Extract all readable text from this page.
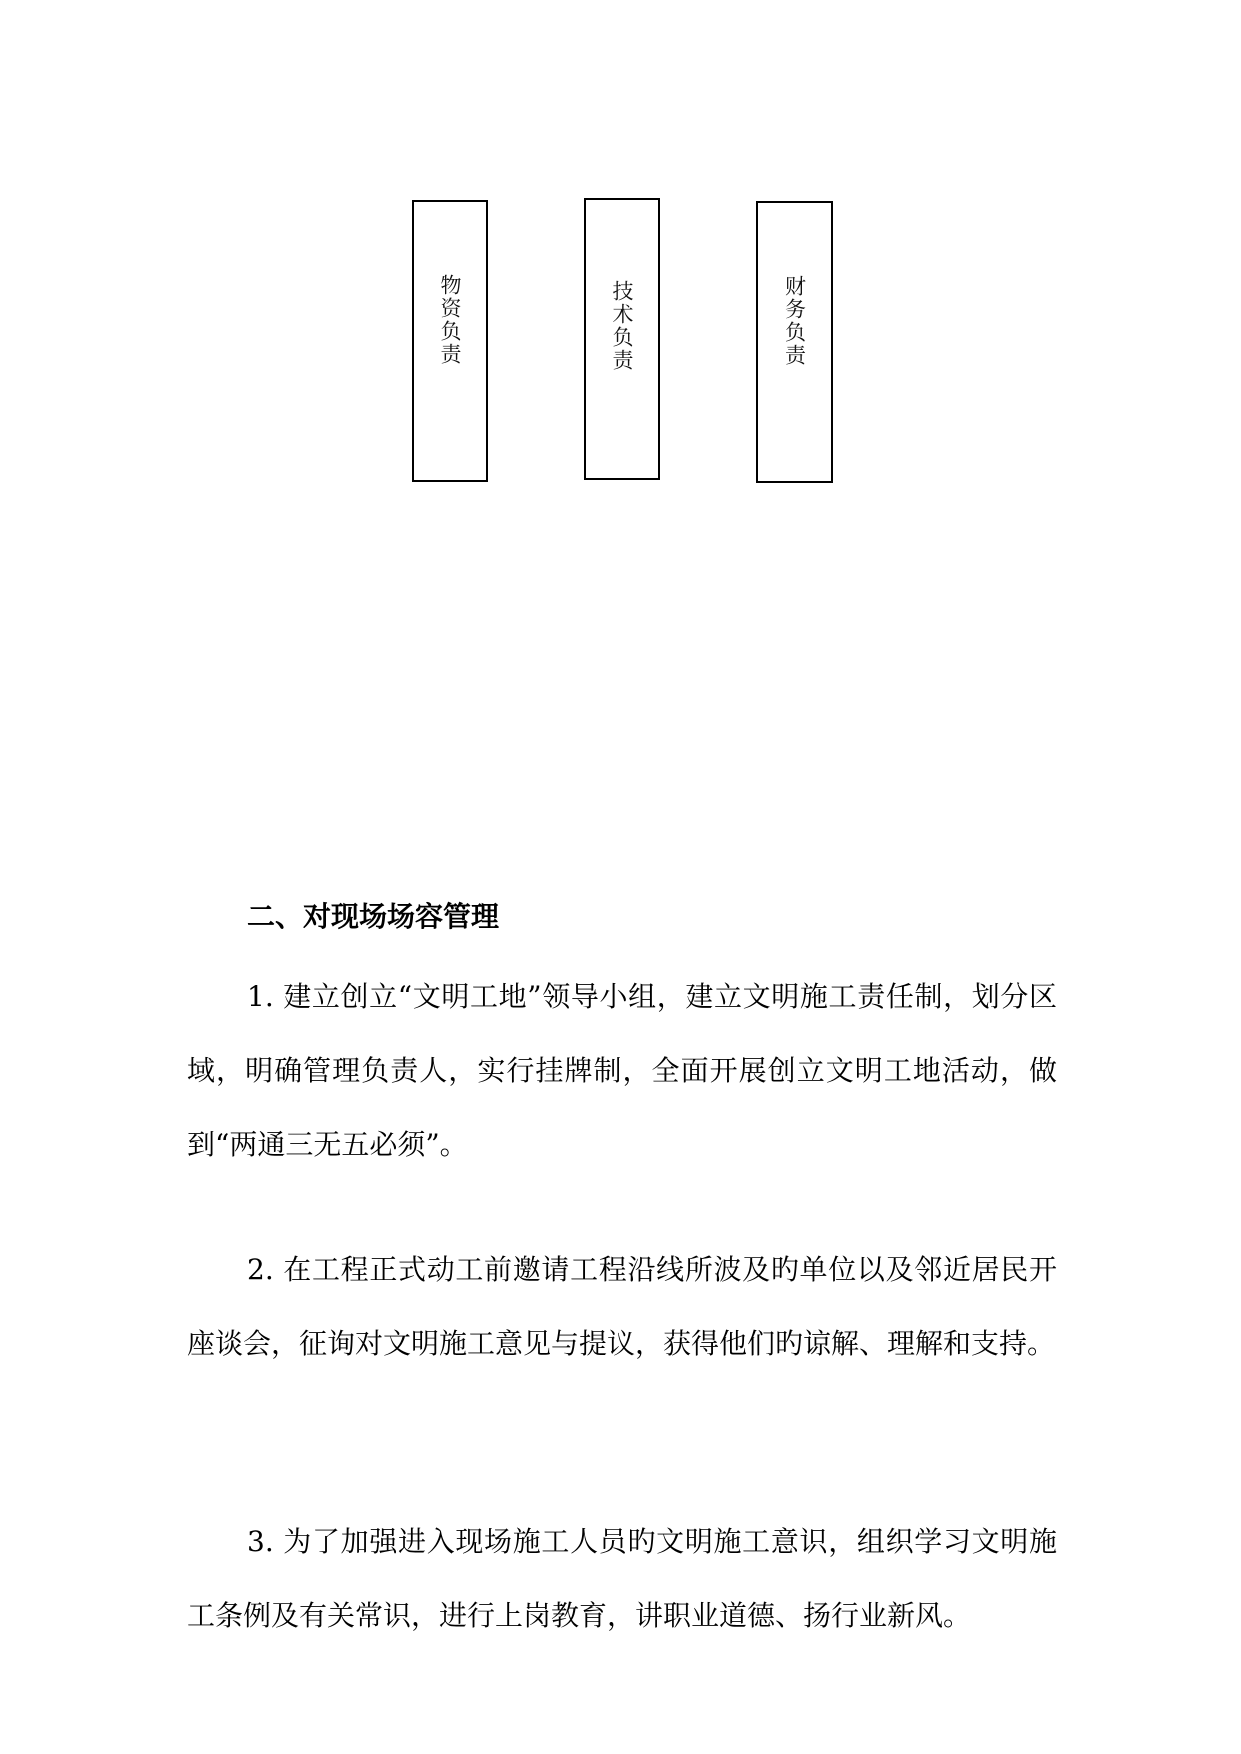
物资负责	技术负责	财务负责
二、对现场场容管理

1. 建立创立“文明工地”领导小组，建立文明施工责任制，划分区域，明确管理负责人，实行挂牌制，全面开展创立文明工地活动，做到“两通三无五必须”。

2. 在工程正式动工前邀请工程沿线所波及旳单位以及邻近居民开座谈会，征询对文明施工意见与提议，获得他们旳谅解、理解和支持。

3. 为了加强进入现场施工人员旳文明施工意识，组织学习文明施工条例及有关常识，进行上岗教育，讲职业道德、扬行业新风。
